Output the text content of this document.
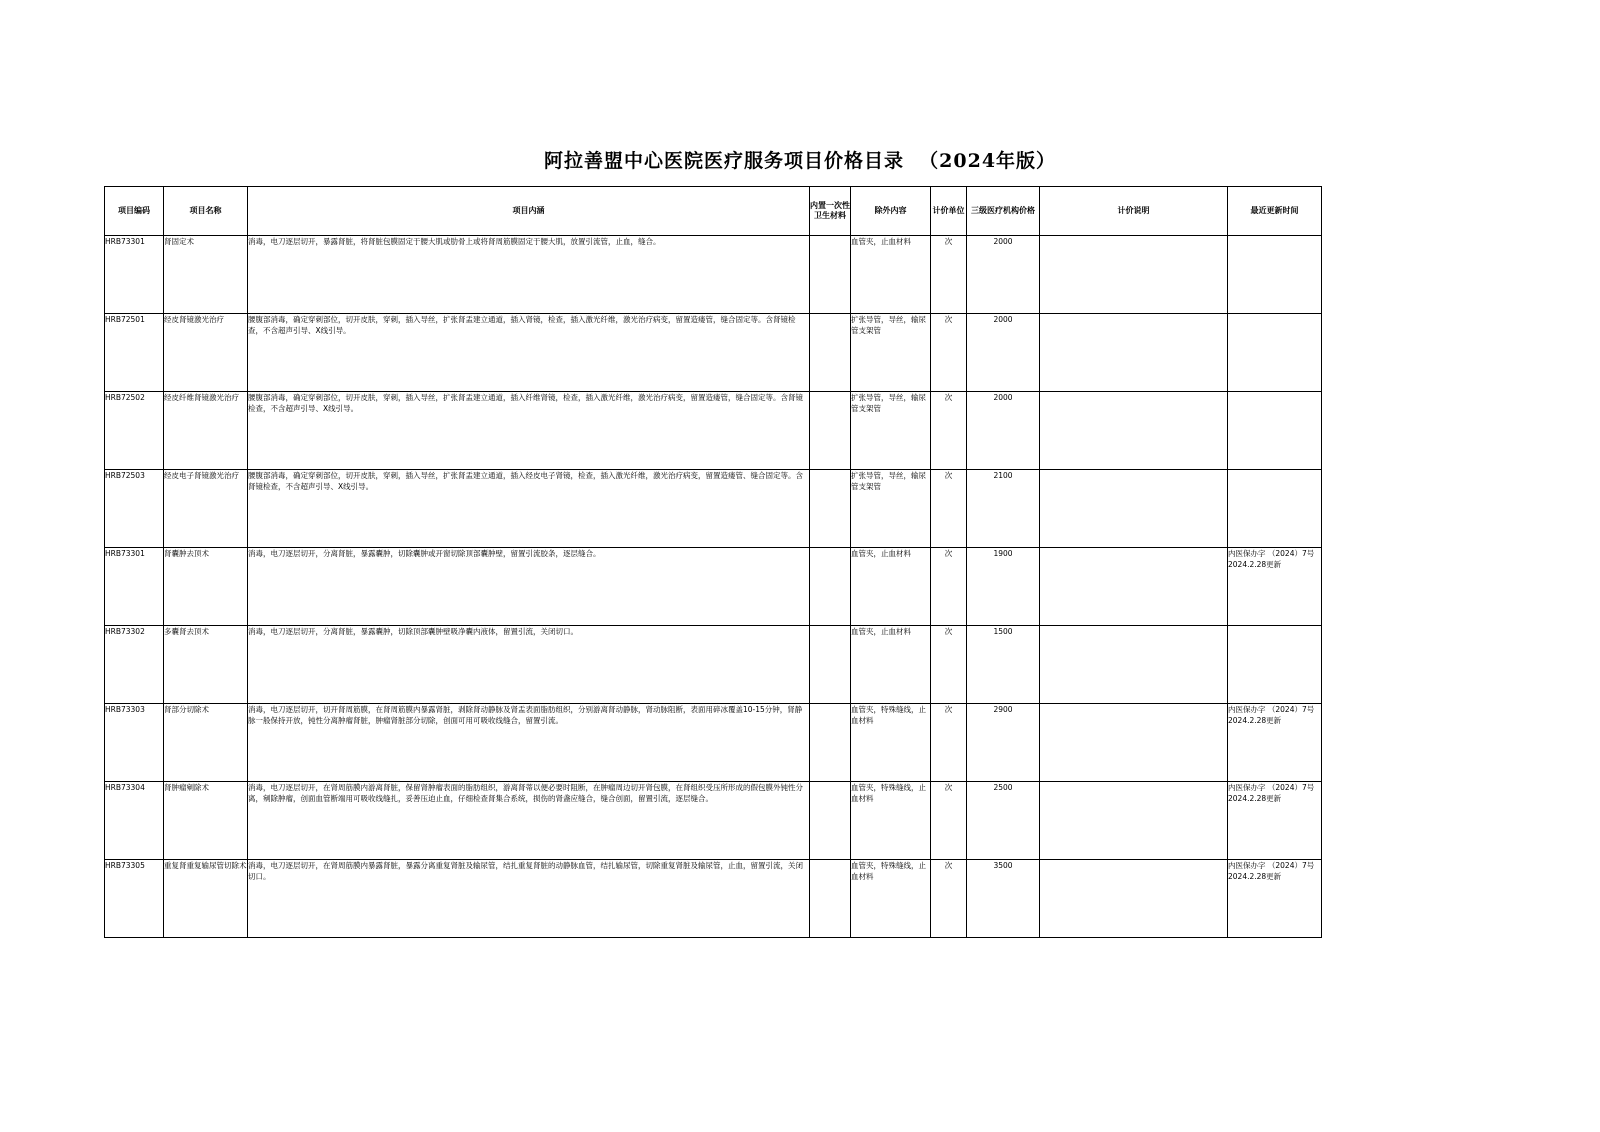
阿拉善盟中心医院医疗服务项目价格目录  （2024年版）
项目编码	项目名称	项目内涵	内置一次性卫生材料	除外内容	计价单位	三级医疗机构价格	计价说明	最近更新时间
HRB73301	肾固定术	消毒，电刀逐层切开，暴露肾脏，将肾脏包膜固定于腰大肌或肋骨上或将肾周筋膜固定于腰大肌，放置引流管，止血，缝合。		血管夹，止血材料	次	2000		
HRB72501	经皮肾镜激光治疗	腰腹部消毒，确定穿刺部位，切开皮肤，穿刺，插入导丝，扩张肾盂建立通道，插入肾镜，检查，插入激光纤维，激光治疗病变，留置造瘘管，缝合固定等。含肾镜检查，不含超声引导、X线引导。		扩张导管，导丝，输尿管支架管	次	2000		
HRB72502	经皮纤维肾镜激光治疗	腰腹部消毒，确定穿刺部位，切开皮肤，穿刺，插入导丝，扩张肾盂建立通道，插入纤维肾镜，检查，插入激光纤维，激光治疗病变，留置造瘘管，缝合固定等。含肾镜检查，不含超声引导、X线引导。		扩张导管，导丝，输尿管支架管	次	2000		
HRB72503	经皮电子肾镜激光治疗	腰腹部消毒，确定穿刺部位，切开皮肤，穿刺，插入导丝，扩张肾盂建立通道，插入经皮电子肾镜，检查，插入激光纤维，激光治疗病变，留置造瘘管、缝合固定等。含肾镜检查，不含超声引导、X线引导。		扩张导管，导丝，输尿管支架管	次	2100		
HRB73301	肾囊肿去顶术	消毒，电刀逐层切开，分离肾脏，暴露囊肿，切除囊肿或开窗切除顶部囊肿壁，留置引流胶条，逐层缝合。		血管夹，止血材料	次	1900		内医保办字 （2024）7号 2024.2.28更新
HRB73302	多囊肾去顶术	消毒，电刀逐层切开，分离肾脏，暴露囊肿，切除顶部囊肿壁吸净囊内液体，留置引流，关闭切口。		血管夹，止血材料	次	1500		
HRB73303	肾部分切除术	消毒，电刀逐层切开，切开肾周筋膜，在肾周筋膜内暴露肾脏，剥除肾动静脉及肾盂表面脂肪组织，分别游离肾动静脉，肾动脉阻断，表面用碎冰覆盖10-15分钟，肾静脉一般保持开放，钝性分离肿瘤肾脏，肿瘤肾脏部分切除，创面可用可吸收线缝合，留置引流。		血管夹，特殊缝线，止血材料	次	2900		内医保办字 （2024）7号 2024.2.28更新
HRB73304	肾肿瘤剜除术	消毒，电刀逐层切开，在肾周筋膜内游离肾脏，保留肾肿瘤表面的脂肪组织，游离肾蒂以便必要时阻断，在肿瘤周边切开肾包膜，在肾组织受压所形成的假包膜外钝性分离，剜除肿瘤，创面血管断端用可吸收线缝扎，妥善压迫止血，仔细检查肾集合系统，损伤的肾盏应缝合，缝合创面，留置引流，逐层缝合。		血管夹，特殊缝线，止血材料	次	2500		内医保办字 （2024）7号 2024.2.28更新
HRB73305	重复肾重复输尿管切除术	消毒，电刀逐层切开，在肾周筋膜内暴露肾脏，暴露分离重复肾脏及输尿管，结扎重复肾脏的动静脉血管，结扎输尿管，切除重复肾脏及输尿管，止血，留置引流，关闭切口。		血管夹，特殊缝线，止血材料	次	3500		内医保办字 （2024）7号 2024.2.28更新
